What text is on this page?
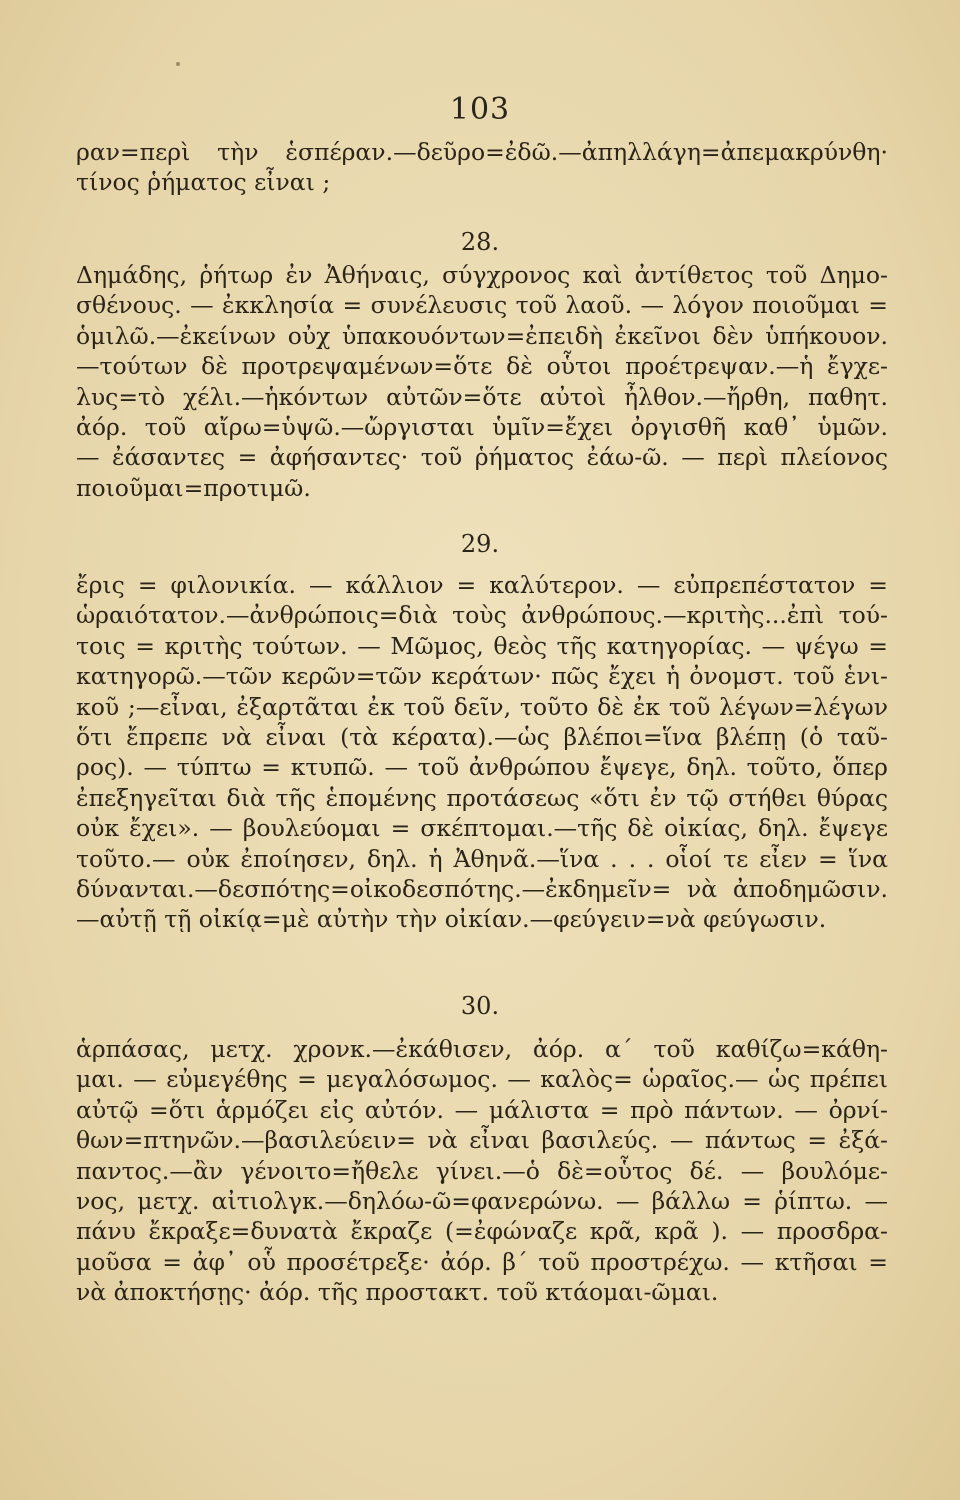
103
ραν=περὶ τὴν ἑσπέραν.—δεῦρο=ἐδῶ.—ἀπηλλάγη=ἀπεμακρύνθη·
τίνος ῥήματος εἶναι ;
28.
Δημάδης, ῥήτωρ ἐν Ἀθήναις, σύγχρονος καὶ ἀντίθετος τοῦ Δημο-
σθένους. — ἐκκλησία = συνέλευσις τοῦ λαοῦ. — λόγον ποιοῦμαι =
ὁμιλῶ.—ἐκείνων οὐχ ὑπακουόντων=ἐπειδὴ ἐκεῖνοι δὲν ὑπήκουον.
—τούτων δὲ προτρεψαμένων=ὅτε δὲ οὗτοι προέτρεψαν.—ἡ ἔγχε-
λυς=τὸ χέλι.—ἡκόντων αὐτῶν=ὅτε αὐτοὶ ἦλθον.—ἤρθη, παθητ.
ἀόρ. τοῦ αἴρω=ὑψῶ.—ὤργισται ὑμῖν=ἔχει ὀργισθῆ καθ᾽ ὑμῶν.
— ἐάσαντες = ἀφήσαντες· τοῦ ῥήματος ἐάω-ῶ. — περὶ πλείονος
ποιοῦμαι=προτιμῶ.
29.
ἔρις = φιλονικία. — κάλλιον = καλύτερον. — εὐπρεπέστατον =
ὡραιότατον.—ἀνθρώποις=διὰ τοὺς ἀνθρώπους.—κριτὴς...ἐπὶ τού-
τοις = κριτὴς τούτων. — Μῶμος, θεὸς τῆς κατηγορίας. — ψέγω =
κατηγορῶ.—τῶν κερῶν=τῶν κεράτων· πῶς ἔχει ἡ ὀνομστ. τοῦ ἑνι-
κοῦ ;—εἶναι, ἐξαρτᾶται ἐκ τοῦ δεῖν, τοῦτο δὲ ἐκ τοῦ λέγων=λέγων
ὅτι ἔπρεπε νὰ εἶναι (τὰ κέρατα).—ὡς βλέποι=ἵνα βλέπῃ (ὁ ταῦ-
ρος). — τύπτω = κτυπῶ. — τοῦ ἀνθρώπου ἔψεγε, δηλ. τοῦτο, ὅπερ
ἐπεξηγεῖται διὰ τῆς ἑπομένης προτάσεως «ὅτι ἐν τῷ στήθει θύρας
οὐκ ἔχει». — βουλεύομαι = σκέπτομαι.—τῆς δὲ οἰκίας, δηλ. ἔψεγε
τοῦτο.— οὐκ ἐποίησεν, δηλ. ἡ Ἀθηνᾶ.—ἵνα . . . οἷοί τε εἶεν = ἵνα
δύνανται.—δεσπότης=οἰκοδεσπότης.—ἐκδημεῖν= νὰ ἀποδημῶσιν.
—αὐτῇ τῇ οἰκίᾳ=μὲ αὐτὴν τὴν οἰκίαν.—φεύγειν=νὰ φεύγωσιν.
30.
ἁρπάσας, μετχ. χρονκ.—ἐκάθισεν, ἀόρ. α΄ τοῦ καθίζω=κάθη-
μαι. — εὐμεγέθης = μεγαλόσωμος. — καλὸς= ὡραῖος.— ὡς πρέπει
αὐτῷ =ὅτι ἁρμόζει εἰς αὐτόν. — μάλιστα = πρὸ πάντων. — ὀρνί-
θων=πτηνῶν.—βασιλεύειν= νὰ εἶναι βασιλεύς. — πάντως = ἐξά-
παντος.—ἂν γένοιτο=ἤθελε γίνει.—ὁ δὲ=οὗτος δέ. — βουλόμε-
νος, μετχ. αἰτιολγκ.—δηλόω-ῶ=φανερώνω. — βάλλω = ῥίπτω. —
πάνυ ἔκραξε=δυνατὰ ἔκραζε (=ἐφώναζε κρᾶ, κρᾶ ). — προσδρα-
μοῦσα = ἀφ᾽ οὗ προσέτρεξε· ἀόρ. β΄ τοῦ προστρέχω. — κτῆσαι =
νὰ ἀποκτήσῃς· ἀόρ. τῆς προστακτ. τοῦ κτάομαι-ῶμαι.
